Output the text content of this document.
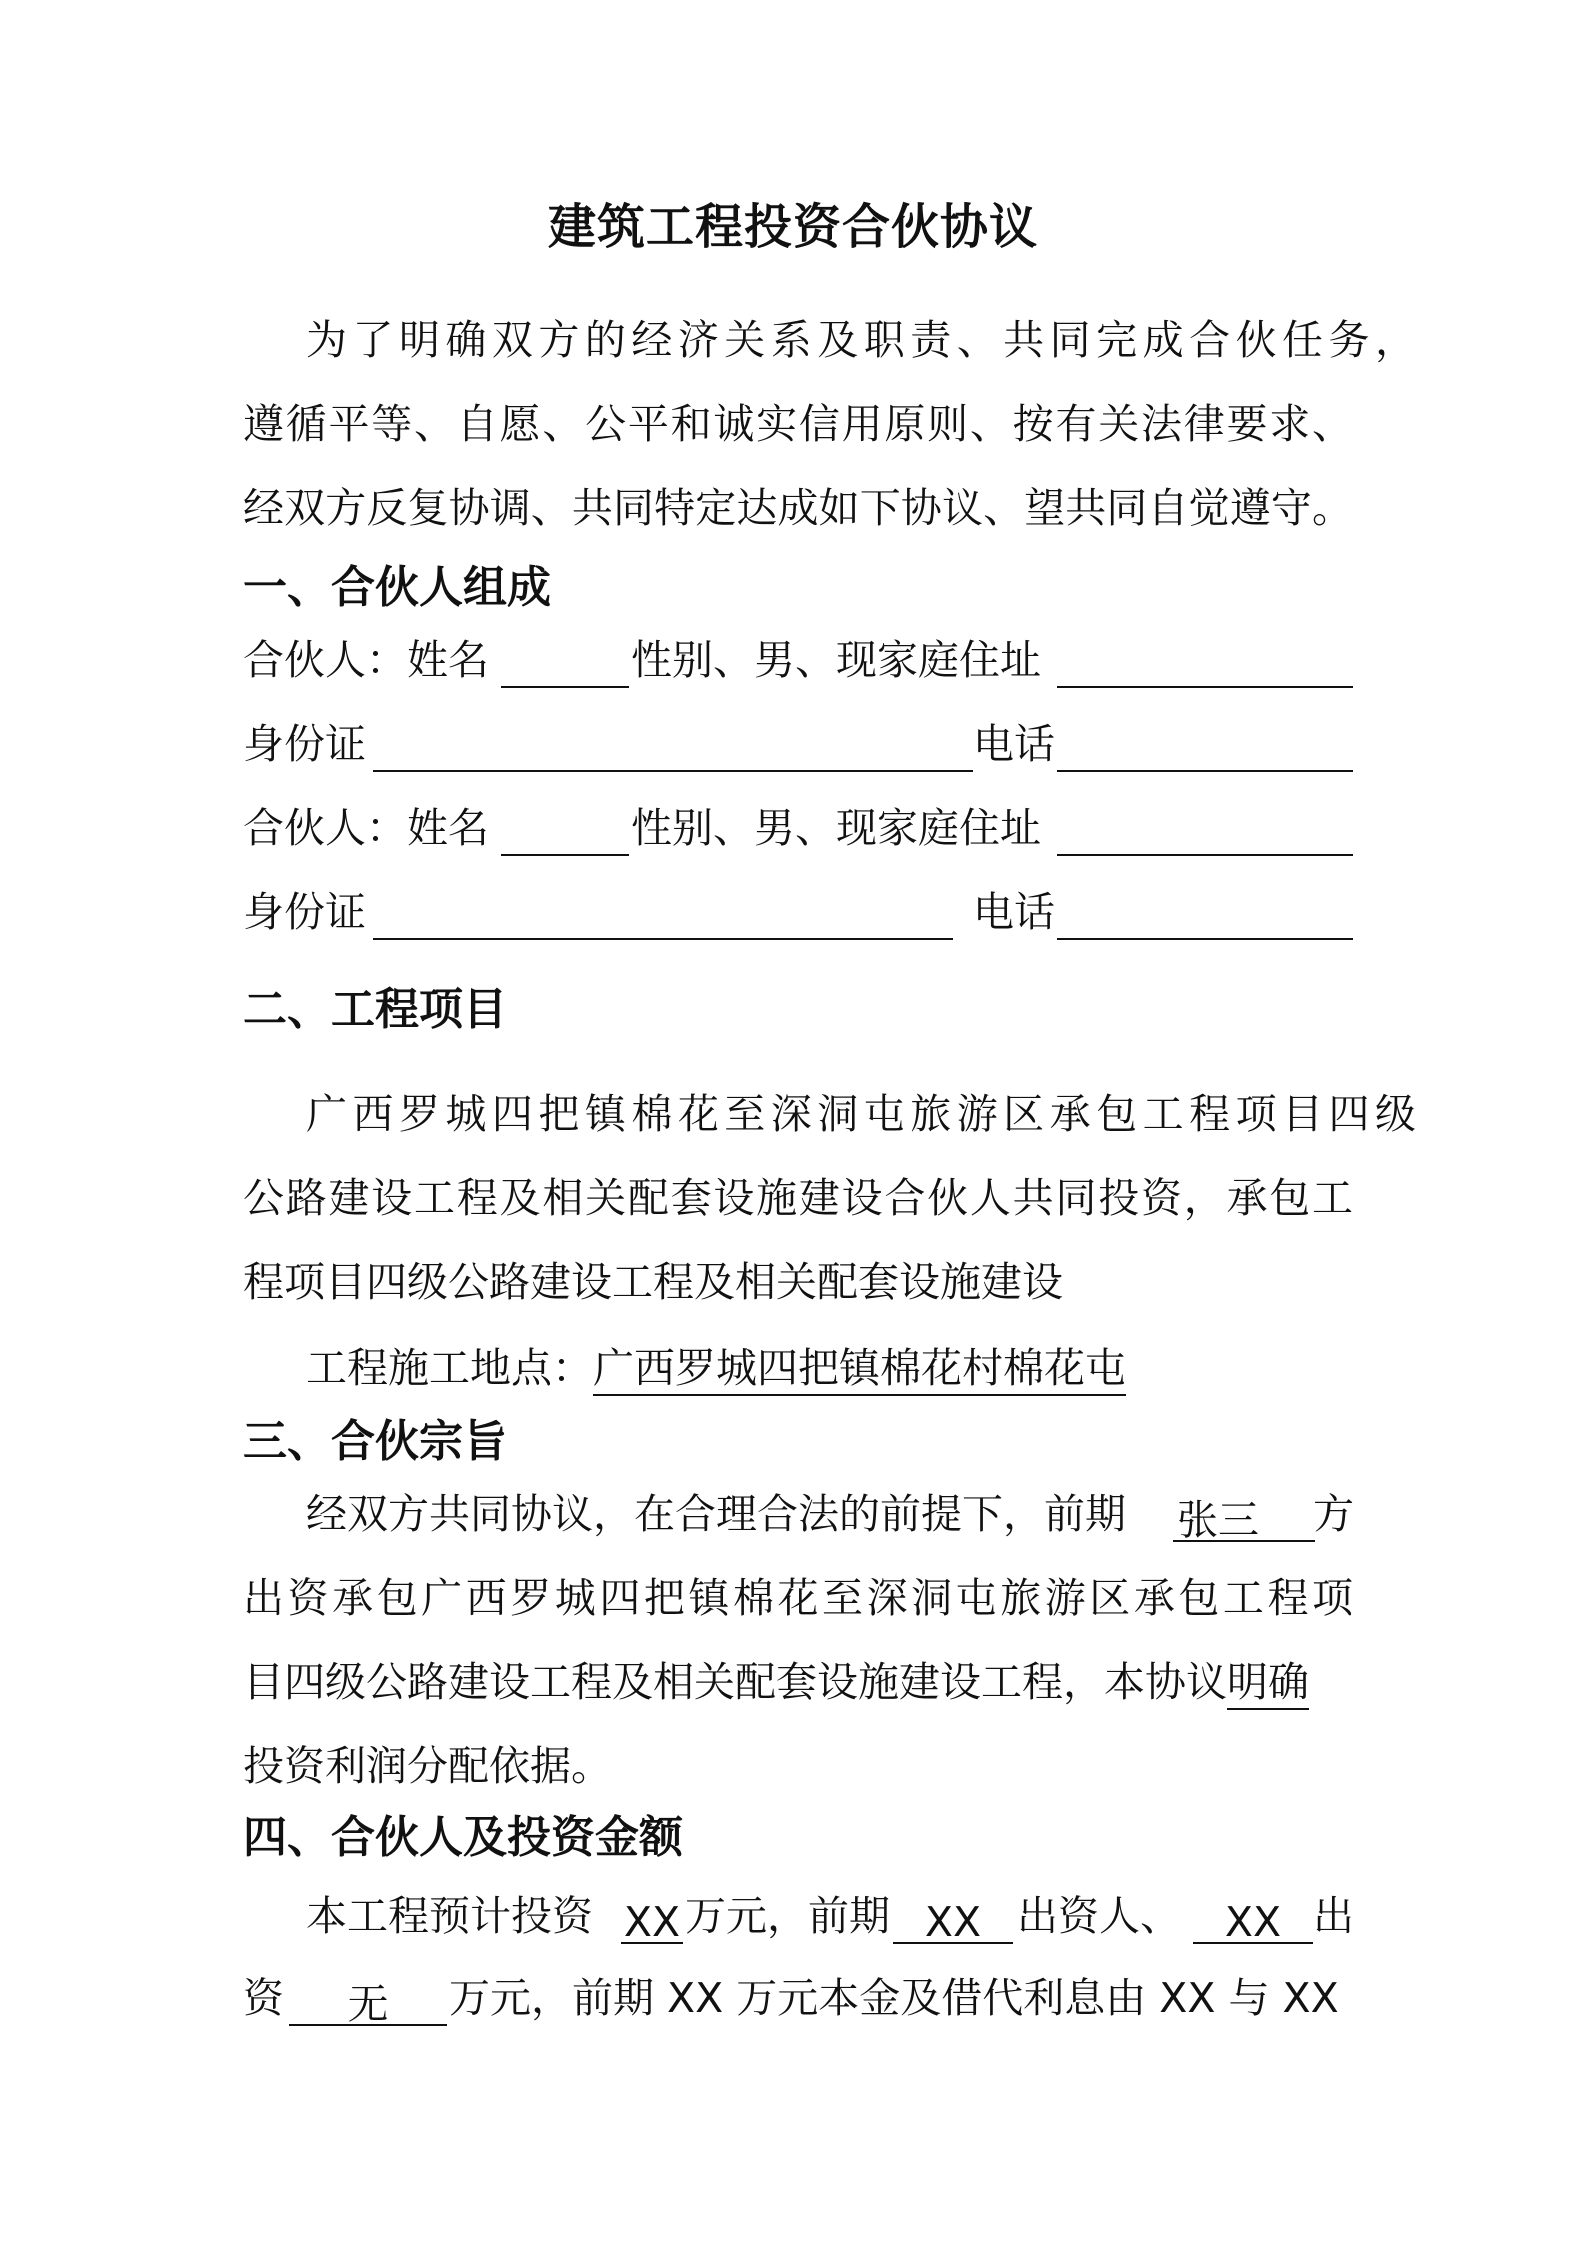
建筑工程投资合伙协议
为了明确双方的经济关系及职责、共同完成合伙任务，
遵循平等、自愿、公平和诚实信用原则、按有关法律要求、
经双方反复协调、共同特定达成如下协议、望共同自觉遵守。
一、合伙人组成
合伙人：姓名	性别、男、现家庭住址
身份证	电话
合伙人：姓名	性别、男、现家庭住址
身份证	电话
二、工程项目
广西罗城四把镇棉花至深洞屯旅游区承包工程项目四级
公路建设工程及相关配套设施建设合伙人共同投资，承包工
程项目四级公路建设工程及相关配套设施建设
工程施工地点：广西罗城四把镇棉花村棉花屯
三、合伙宗旨
经双方共同协议，在合理合法的前提下，前期 张三	方
出资承包广西罗城四把镇棉花至深洞屯旅游区承包工程项
目四级公路建设工程及相关配套设施建设工程，本协议明确
投资利润分配依据。
四、合伙人及投资金额
本工程预计投资 XX 万元，前期 XX 出资人、	XX 出
资	无	万元，前期 XX 万元本金及借代利息由 XX 与 XX
